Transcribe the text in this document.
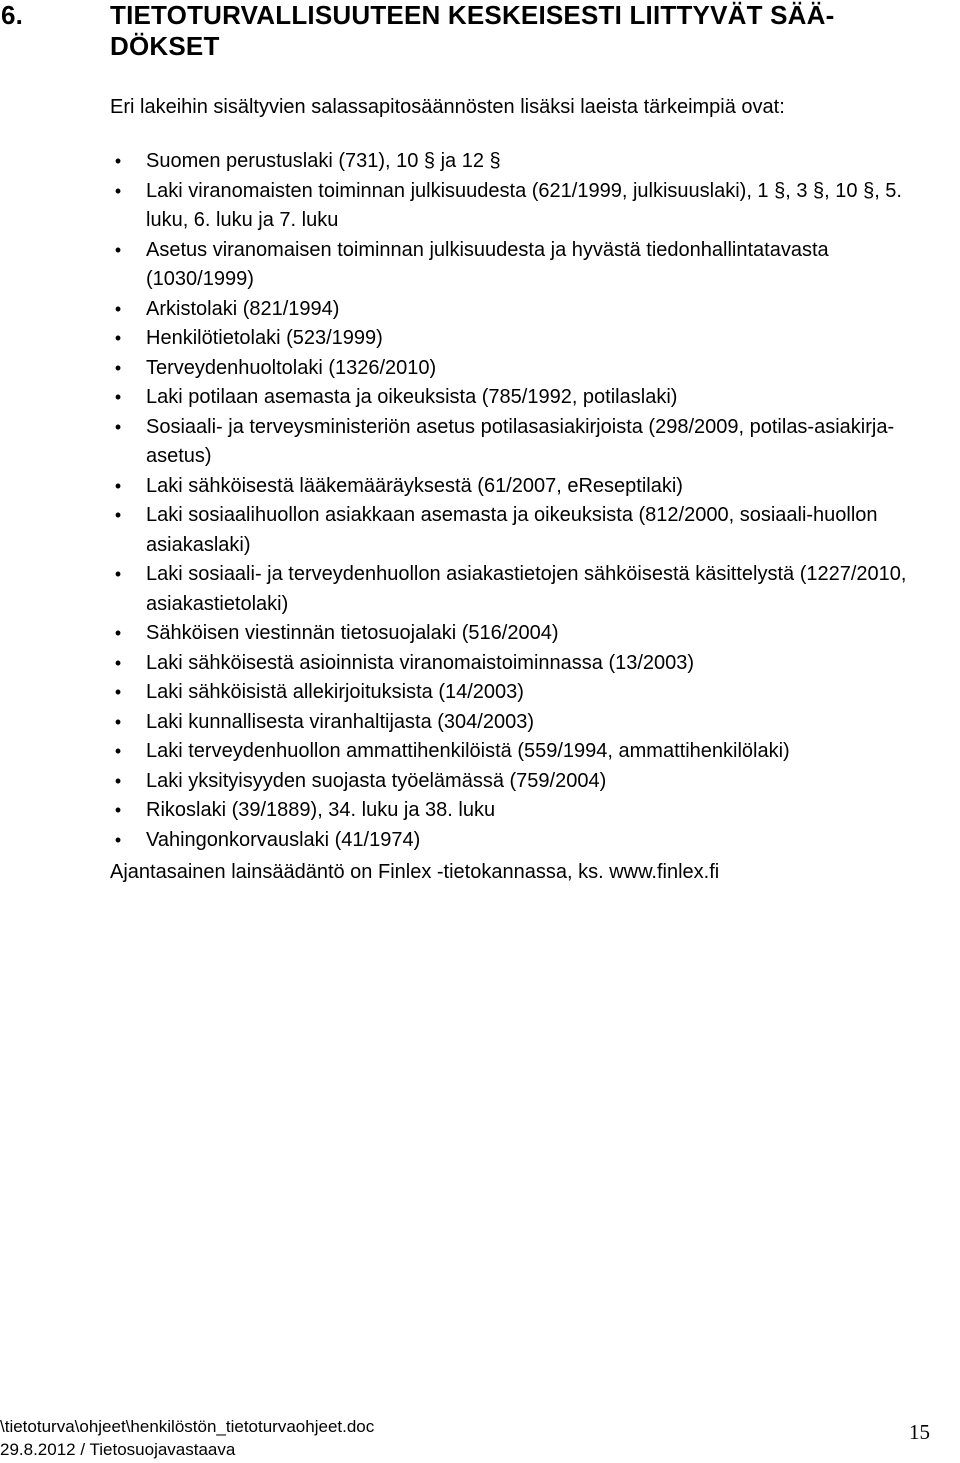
6.	TIETOTURVALLISUUTEEN KESKEISESTI LIITTYVÄT SÄÄ-DÖKSET

Eri lakeihin sisältyvien salassapitosäännösten lisäksi laeista tärkeimpiä ovat:

• Suomen perustuslaki (731), 10 § ja 12 §
• Laki viranomaisten toiminnan julkisuudesta (621/1999, julkisuuslaki), 1 §, 3 §, 10 §, 5. luku, 6. luku ja 7. luku
• Asetus viranomaisen toiminnan julkisuudesta ja hyvästä tiedonhallintatavasta (1030/1999)
• Arkistolaki (821/1994)
• Henkilötietolaki (523/1999)
• Terveydenhuoltolaki (1326/2010)
• Laki potilaan asemasta ja oikeuksista (785/1992, potilaslaki)
• Sosiaali- ja terveysministeriön asetus potilasasiakirjoista (298/2009, potilas-asiakirja-asetus)
• Laki sähköisestä lääkemääräyksestä (61/2007, eReseptilaki)
• Laki sosiaalihuollon asiakkaan asemasta ja oikeuksista (812/2000, sosiaali-huollon asiakaslaki)
• Laki sosiaali- ja terveydenhuollon asiakastietojen sähköisestä käsittelystä (1227/2010, asiakastietolaki)
• Sähköisen viestinnän tietosuojalaki (516/2004)
• Laki sähköisestä asioinnista viranomaistoiminnassa (13/2003)
• Laki sähköisistä allekirjoituksista (14/2003)
• Laki kunnallisesta viranhaltijasta (304/2003)
• Laki terveydenhuollon ammattihenkilöistä (559/1994, ammattihenkilölaki)
• Laki yksityisyyden suojasta työelämässä (759/2004)
• Rikoslaki (39/1889), 34. luku ja 38. luku
• Vahingonkorvauslaki (41/1974)

Ajantasainen lainsäädäntö on Finlex -tietokannassa, ks. www.finlex.fi

\tietoturva\ohjeet\henkilöstön_tietoturvaohjeet.doc
29.8.2012 / Tietosuojavastaava
15
